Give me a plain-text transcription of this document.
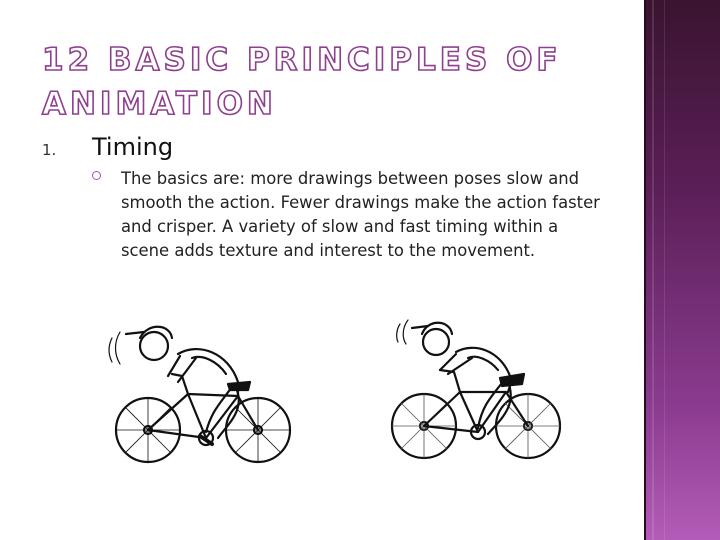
12 BASIC PRINCIPLES OF ANIMATION
1. Timing
The basics are: more drawings between poses slow and smooth the action. Fewer drawings make the action faster and crisper. A variety of slow and fast timing within a scene adds texture and interest to the movement.
